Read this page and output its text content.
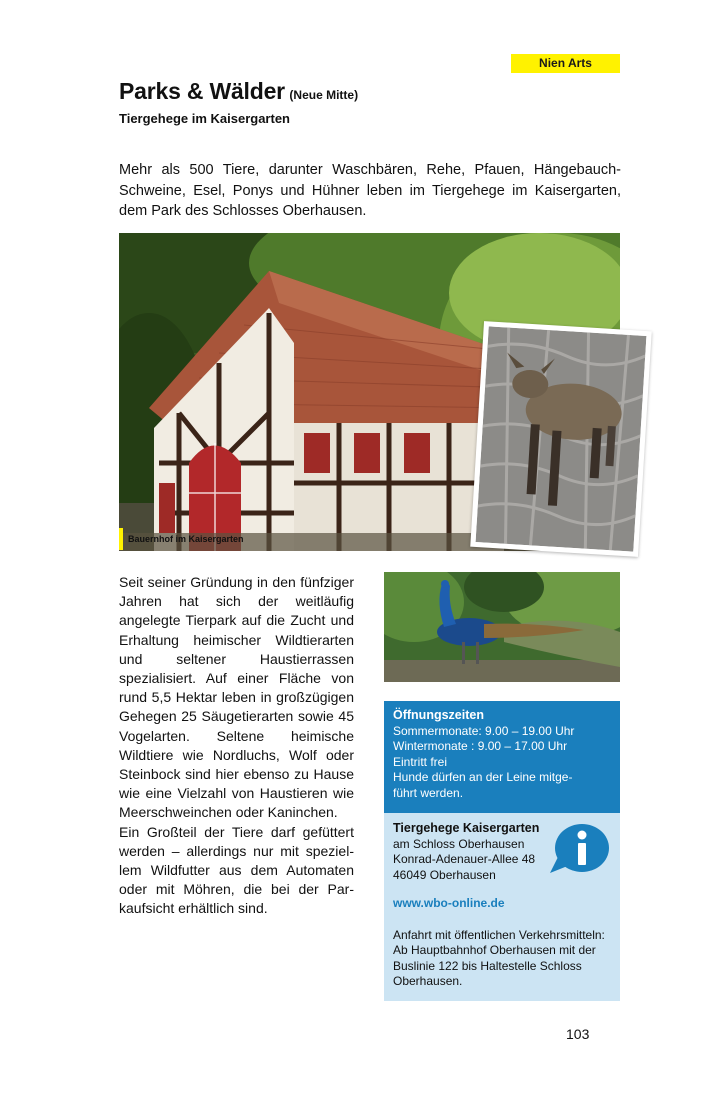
Nien Arts
Parks & Wälder (Neue Mitte)
Tiergehege im Kaisergarten
Mehr als 500 Tiere, darunter Waschbären, Rehe, Pfauen, Hängebauch-Schweine, Esel, Ponys und Hühner leben im Tiergehege im Kaisergarten, dem Park des Schlosses Oberhausen.
Bauernhof im Kaisergarten

Seit seiner Gründung in den fünfziger Jahren hat sich der weitläufig angelegte Tierpark auf die Zucht und Erhaltung heimischer Wildtierarten und seltener Haustierrassen spezialisiert. Auf einer Fläche von rund 5,5 Hektar leben in großzügigen Gehegen 25 Säugetierarten sowie 45 Vogelarten. Seltene heimische Wildtiere wie Nordluchs, Wolf oder Steinbock sind hier ebenso zu Hause wie eine Vielzahl von Haustieren wie Meerschweinchen oder Kaninchen.

Ein Großteil der Tiere darf gefüttert werden – allerdings nur mit speziellem Wildfutter aus dem Automaten oder mit Möhren, die bei der Parkaufsicht erhältlich sind.

Öffnungszeiten
Sommermonate: 9.00 – 19.00 Uhr
Wintermonate : 9.00 – 17.00 Uhr
Eintritt frei
Hunde dürfen an der Leine mitge-
führt werden.
Tiergehege Kaisergarten
am Schloss Oberhausen
Konrad-Adenauer-Allee 48
46049 Oberhausen
www.wbo-online.de
Anfahrt mit öffentlichen Verkehrsmitteln: Ab Hauptbahnhof Oberhausen mit der Buslinie 122 bis Haltestelle Schloss Oberhausen.
103
